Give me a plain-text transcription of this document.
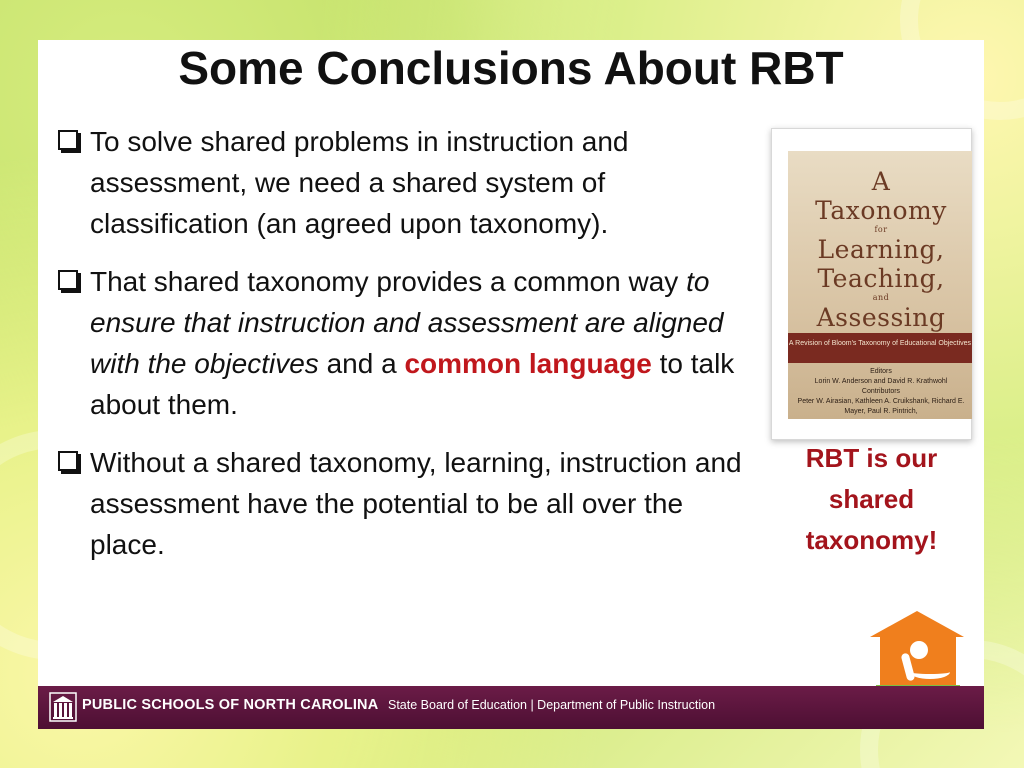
Some Conclusions About RBT
To solve shared problems in instruction and assessment, we need a shared system of classification (an agreed upon taxonomy).
That shared taxonomy provides a common way to ensure that instruction and assessment are aligned with the objectives and a common language to talk about them.
Without a shared taxonomy, learning, instruction and assessment have the potential to be all over the place.
A
Taxonomy
for
Learning,
Teaching,
and
Assessing
A Revision of Bloom's Taxonomy of Educational Objectives
Editors
Lorin W. Anderson and David R. Krathwohl
Contributors
Peter W. Airasian, Kathleen A. Cruikshank, Richard E. Mayer, Paul R. Pintrich,
RBT is our shared taxonomy!
PUBLIC SCHOOLS OF NORTH CAROLINA State Board of Education | Department of Public Instruction
